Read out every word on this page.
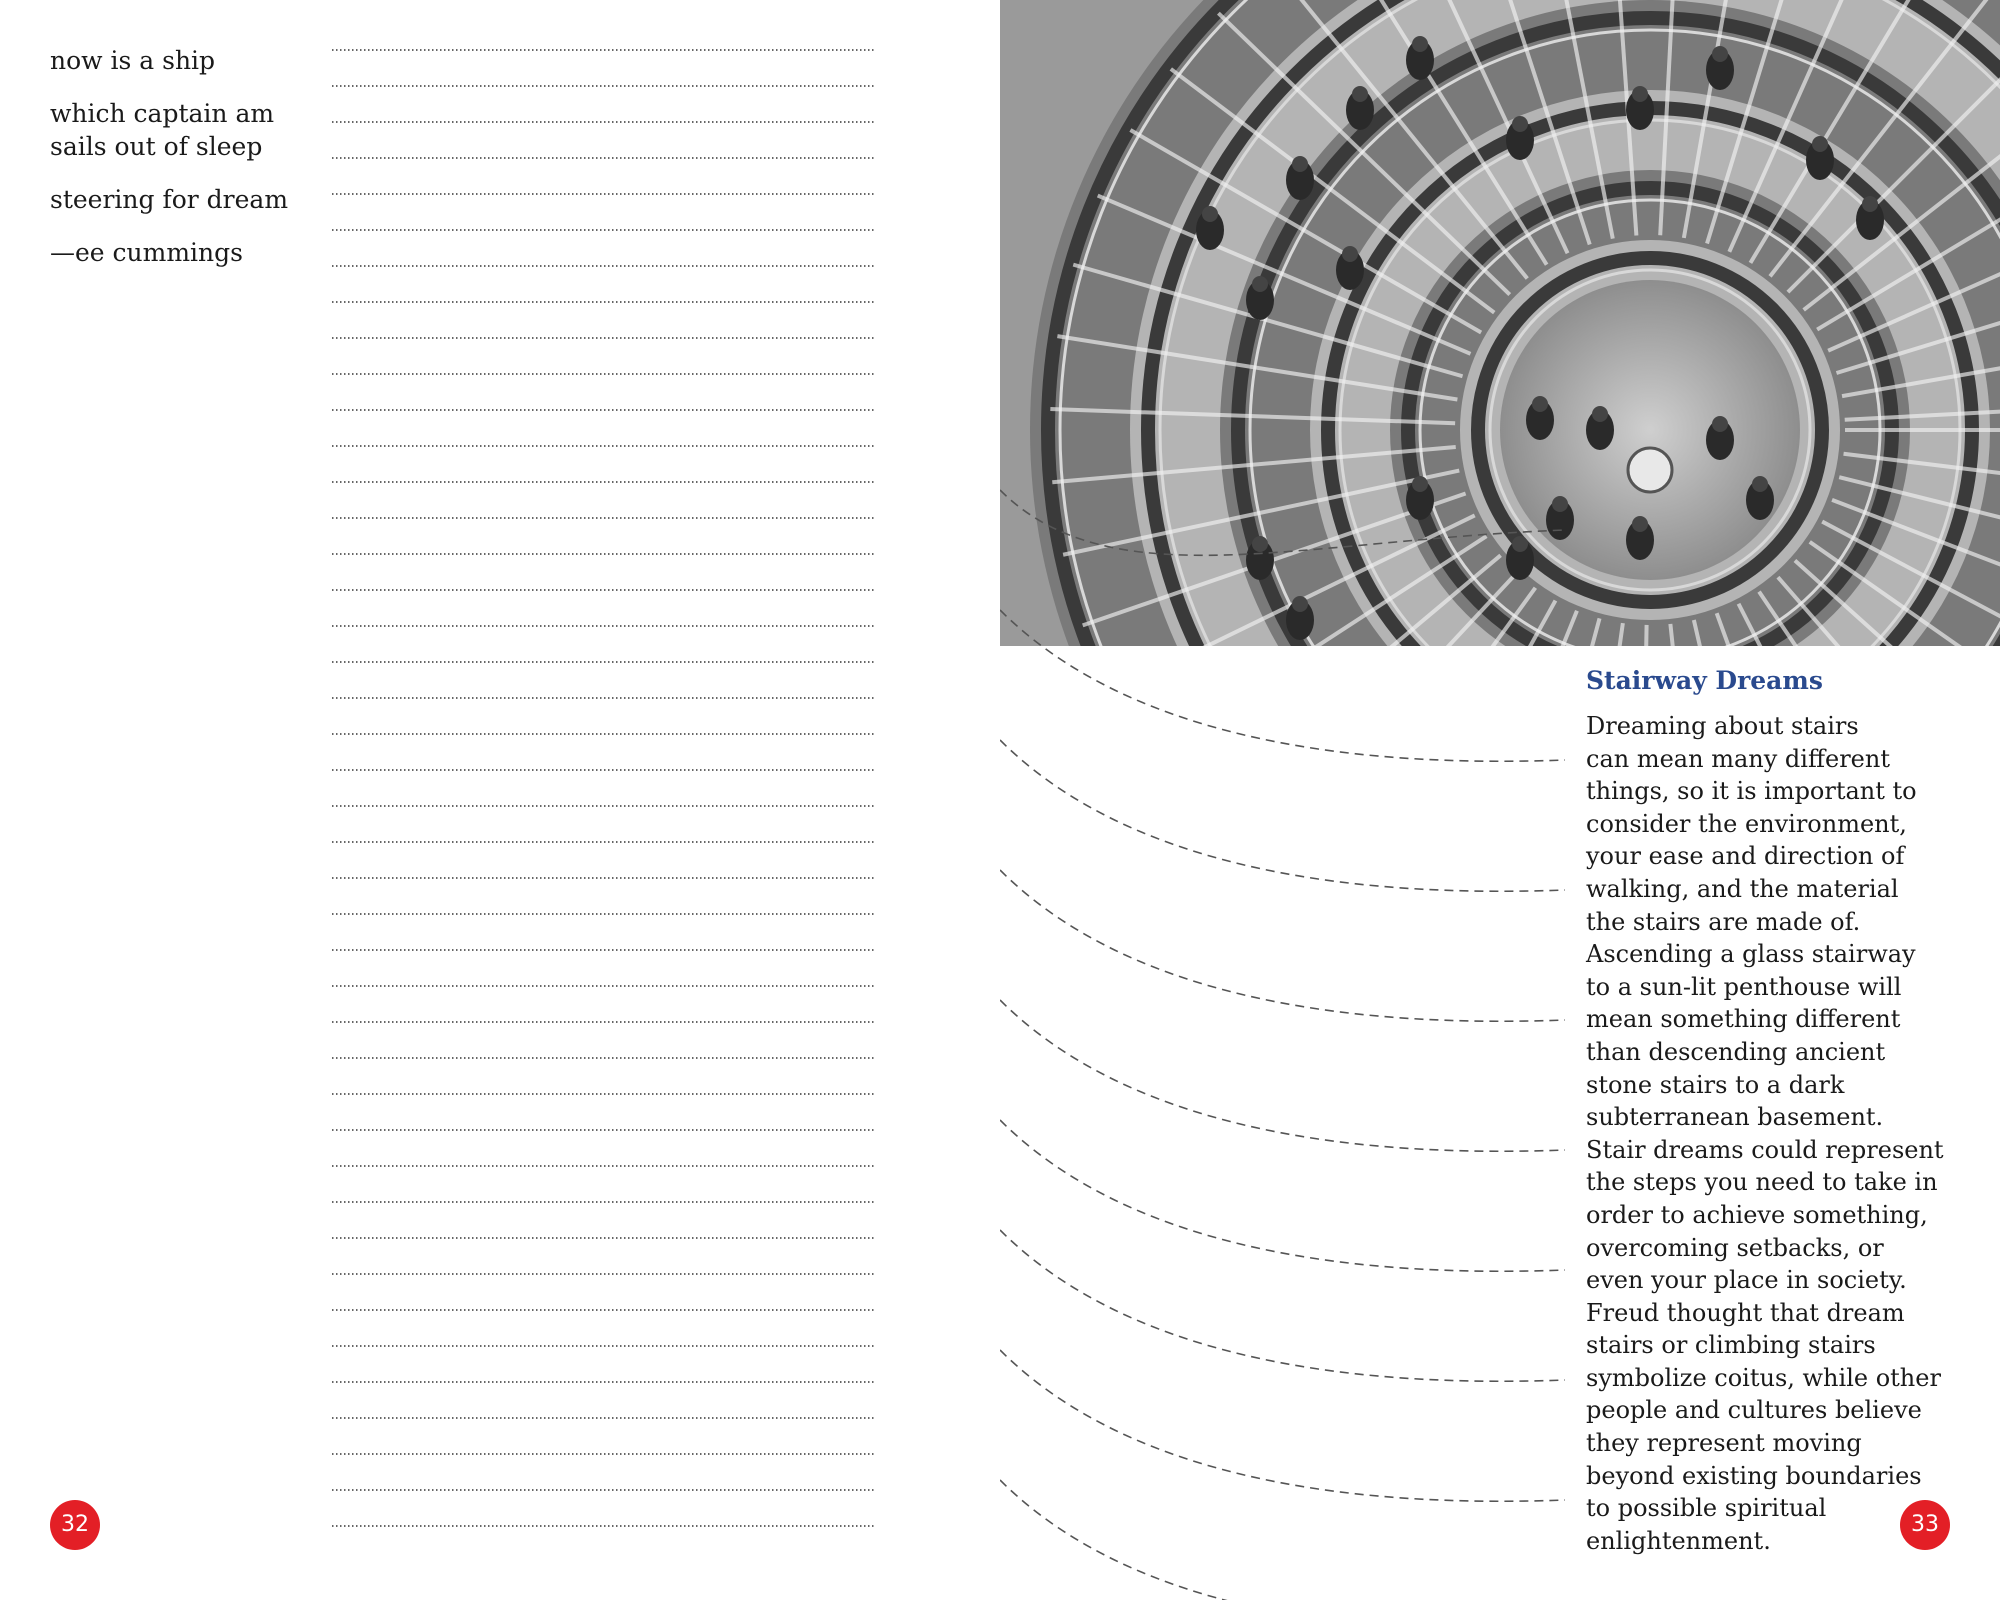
now is a ship

which captain am
sails out of sleep

steering for dream

—ee cummings

32
Stairway Dreams
Dreaming about stairs
can mean many different
things, so it is important to
consider the environment,
your ease and direction of
walking, and the material
the stairs are made of.
Ascending a glass stairway
to a sun-lit penthouse will
mean something different
than descending ancient
stone stairs to a dark
subterranean basement.
Stair dreams could represent
the steps you need to take in
order to achieve something,
overcoming setbacks, or
even your place in society.
Freud thought that dream
stairs or climbing stairs
symbolize coitus, while other
people and cultures believe
they represent moving
beyond existing boundaries
to possible spiritual
enlightenment.
33
